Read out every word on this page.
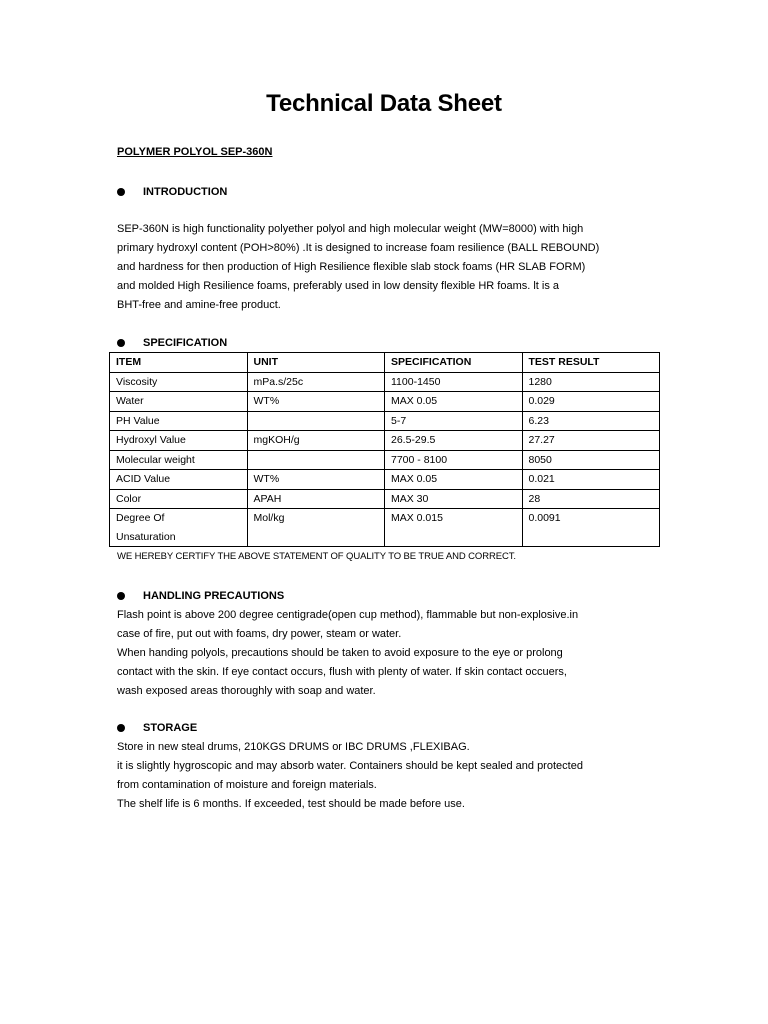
Technical Data Sheet
POLYMER POLYOL SEP-360N
INTRODUCTION
SEP-360N is high functionality polyether polyol and high molecular weight (MW=8000) with high
primary hydroxyl content (POH>80%) .It is designed to increase foam resilience (BALL REBOUND)
and hardness for then production of High Resilience flexible slab stock foams (HR SLAB FORM)
and molded High Resilience foams, preferably used in low density flexible HR foams. lt is a
BHT-free and amine-free product.
SPECIFICATION
ITEM	UNIT	SPECIFICATION	TEST RESULT
Viscosity	mPa.s/25c	1100-1450	1280
Water	WT%	MAX 0.05	0.029
PH Value		5-7	6.23
Hydroxyl Value	mgKOH/g	26.5-29.5	27.27
Molecular weight		7700 - 8100	8050
ACID Value	WT%	MAX 0.05	0.021
Color	APAH	MAX 30	28
Degree Of
Unsaturation	Mol/kg	MAX 0.015	0.0091
WE HEREBY CERTIFY THE ABOVE STATEMENT OF QUALITY TO BE TRUE AND CORRECT.
HANDLING PRECAUTIONS
Flash point is above 200 degree centigrade(open cup method), flammable but non-explosive.in
case of fire, put out with foams, dry power, steam or water.
When handing polyols, precautions should be taken to avoid exposure to the eye or prolong
contact with the skin. If eye contact occurs, flush with plenty of water. If skin contact occuers,
wash exposed areas thoroughly with soap and water.
STORAGE
Store in new steal drums, 210KGS DRUMS or IBC DRUMS ,FLEXIBAG.
it is slightly hygroscopic and may absorb water. Containers should be kept sealed and protected
from contamination of moisture and foreign materials.
The shelf life is 6 months. If exceeded, test should be made before use.
